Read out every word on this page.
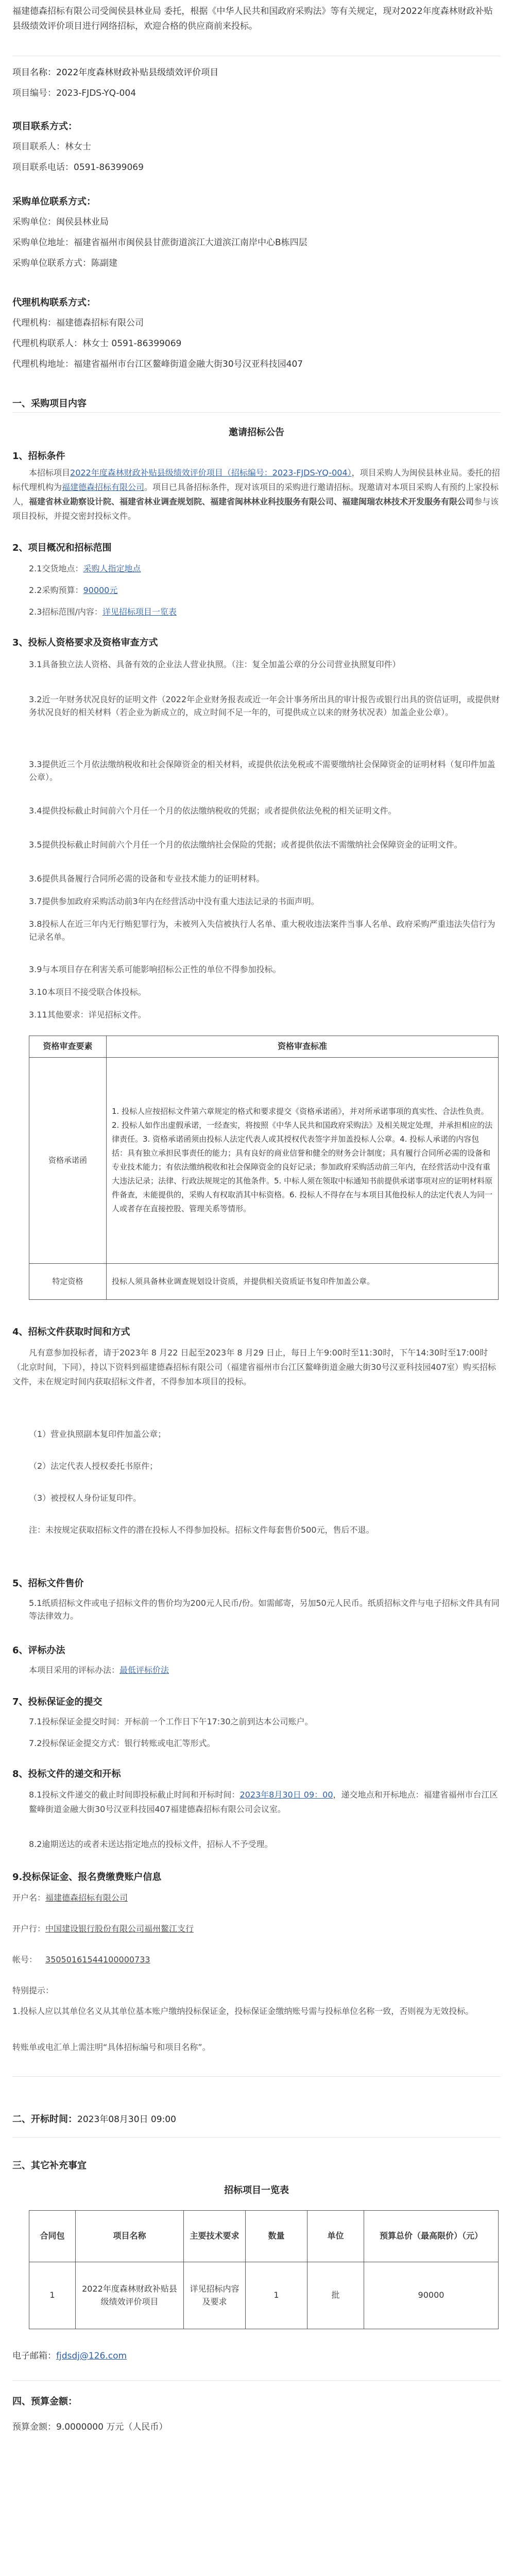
福建德森招标有限公司受闽侯县林业局 委托，根据《中华人民共和国政府采购法》等有关规定，现对2022年度森林财政补贴县级绩效评价项目进行网络招标，欢迎合格的供应商前来投标。

项目名称：2022年度森林财政补贴县级绩效评价项目

项目编号：2023-FJDS-YQ-004

项目联系方式：

项目联系人：林女士

项目联系电话：0591-86399069

采购单位联系方式：

采购单位：闽侯县林业局

采购单位地址：福建省福州市闽侯县甘蔗街道滨江大道滨江南岸中心B栋四层

采购单位联系方式：陈副建

代理机构联系方式：

代理机构：福建德森招标有限公司

代理机构联系人：林女士 0591-86399069

代理机构地址：福建省福州市台江区鳌峰街道金融大街30号汉亚科技园407

一、采购项目内容

邀请招标公告

1、招标条件

本招标项目2022年度森林财政补贴县级绩效评价项目（招标编号：2023-FJDS-YQ-004），项目采购人为闽侯县林业局。委托的招标代理机构为福建德森招标有限公司。项目已具备招标条件，现对该项目的采购进行邀请招标。现邀请对本项目采购人有预约上家投标人，福建省林业勘察设计院、福建省林业调查规划院、福建省闽林林业科技服务有限公司、福建闽瑞农林技术开发服务有限公司参与该项目投标，并提交密封投标文件。

2、项目概况和招标范围

2.1交货地点：采购人指定地点

2.2采购预算：90000元

2.3招标范围/内容：详见招标项目一览表

3、投标人资格要求及资格审查方式

3.1具备独立法人资格、具备有效的企业法人营业执照。（注：复全加盖公章的分公司营业执照复印件）

3.2近一年财务状况良好的证明文件（2022年企业财务报表或近一年会计事务所出具的审计报告或银行出具的资信证明，或提供财务状况良好的相关材料（若企业为新成立的，成立时间不足一年的，可提供成立以来的财务状况表）加盖企业公章）。

3.3提供近三个月依法缴纳税收和社会保障资金的相关材料，或提供依法免税或不需要缴纳社会保障资金的证明材料（复印件加盖公章）。

3.4提供投标截止时间前六个月任一个月的依法缴纳税收的凭据；或者提供依法免税的相关证明文件。

3.5提供投标截止时间前六个月任一个月的依法缴纳社会保险的凭据；或者提供依法不需缴纳社会保障资金的证明文件。

3.6提供具备履行合同所必需的设备和专业技术能力的证明材料。

3.7提供参加政府采购活动前3年内在经营活动中没有重大违法记录的书面声明。

3.8投标人在近三年内无行贿犯罪行为，未被列入失信被执行人名单、重大税收违法案件当事人名单、政府采购严重违法失信行为记录名单。

3.9与本项目存在利害关系可能影响招标公正性的单位不得参加投标。

3.10本项目不接受联合体投标。

3.11其他要求：详见招标文件。

资格审查要素	资格审查标准
资格承诺函	1. 投标人应按招标文件第六章规定的格式和要求提交《资格承诺函》，并对所承诺事项的真实性、合法性负责。2. 投标人如作出虚假承诺，一经查实，将按照《中华人民共和国政府采购法》及相关规定处理，并承担相应的法律责任。3. 资格承诺函须由投标人法定代表人或其授权代表签字并加盖投标人公章。4. 投标人承诺的内容包括：具有独立承担民事责任的能力；具有良好的商业信誉和健全的财务会计制度；具有履行合同所必需的设备和专业技术能力；有依法缴纳税收和社会保障资金的良好记录；参加政府采购活动前三年内，在经营活动中没有重大违法记录；法律、行政法规规定的其他条件。5. 中标人须在领取中标通知书前提供承诺事项对应的证明材料原件备查，未能提供的，采购人有权取消其中标资格。6. 投标人不得存在与本项目其他投标人的法定代表人为同一人或者存在直接控股、管理关系等情形。
特定资格	投标人须具备林业调查规划设计资质，并提供相关资质证书复印件加盖公章。

4、招标文件获取时间和方式

凡有意参加投标者，请于2023年 8 月22 日起至2023年 8 月29 日止，每日上午9:00时至11:30时，下午14:30时至17:00时（北京时间，下同），持以下资料到福建德森招标有限公司（福建省福州市台江区鳌峰街道金融大街30号汉亚科技园407室）购买招标文件，未在规定时间内获取招标文件者，不得参加本项目的投标。

（1）营业执照副本复印件加盖公章；

（2）法定代表人授权委托书原件；

（3）被授权人身份证复印件。

注：未按规定获取招标文件的潜在投标人不得参加投标。招标文件每套售价500元，售后不退。

5、招标文件售价

5.1纸质招标文件或电子招标文件的售价均为200元人民币/份。如需邮寄，另加50元人民币。纸质招标文件与电子招标文件具有同等法律效力。

6、评标办法

本项目采用的评标办法：最低评标价法

7、投标保证金的提交

7.1投标保证金提交时间：开标前一个工作日下午17:30之前到达本公司账户。

7.2投标保证金提交方式：银行转账或电汇等形式。

8、投标文件的递交和开标

8.1投标文件递交的截止时间即投标截止时间和开标时间：2023年8月30日 09：00，递交地点和开标地点：福建省福州市台江区鳌峰街道金融大街30号汉亚科技园407福建德森招标有限公司会议室。

8.2逾期送达的或者未送达指定地点的投标文件，招标人不予受理。

9.投标保证金、报名费缴费账户信息

开户名：福建德森招标有限公司

开户行：中国建设银行股份有限公司福州鳌江支行

帐号： 35050161544100000733

特别提示：

1.投标人应以其单位名义从其单位基本账户缴纳投标保证金，投标保证金缴纳账号需与投标单位名称一致，否则视为无效投标。

转账单或电汇单上需注明“具体招标编号和项目名称”。

二、开标时间：2023年08月30日 09:00

三、其它补充事宜

招标项目一览表

合同包	项目名称	主要技术要求	数量	单位	预算总价（最高限价）（元）
1	2022年度森林财政补贴县级绩效评价项目	详见招标内容及要求	1	批	90000

电子邮箱：fjdsdj@126.com

四、预算金额：

预算金额：9.0000000 万元（人民币）
